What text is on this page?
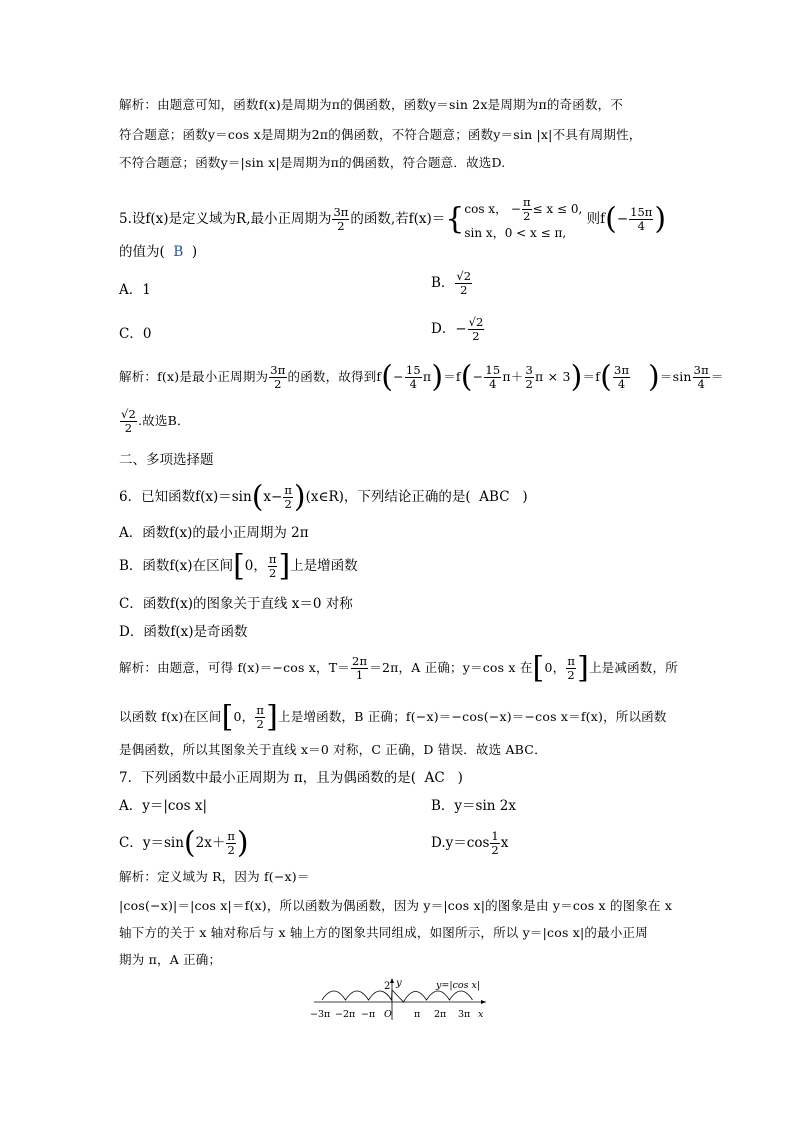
解析：由题意可知，函数f(x)是周期为π的偶函数，函数y＝sin 2x是周期为π的奇函数，不
符合题意；函数y＝cos x是周期为2π的偶函数，不符合题意；函数y＝sin |x|不具有周期性，
不符合题意；函数y＝|sin x|是周期为π的偶函数，符合题意．故选D.
5.设f(x)是定义域为R,最小正周期为 $\frac{3\pi}{2}$ 的函数,若f(x)＝{ cos x， − $\frac{\pi}{2} \le x \le 0$,
sin x，0 < x ≤ π,
则$f(- \frac{15\pi}{4}$ )
的值为( B )
A．1	B． $\frac{√2}{2}$
C．0	D．− $\frac{√2}{2}$
解析：f(x)是最小正周期为 $\frac{3\pi}{2}$ 的函数，故得到$f(- \frac{15}{4} \pi)=f(- \frac{15}{4} \pi+ \frac{3}{2}$ $\pi \times 3)=f( \frac{3\pi}{4} )=\sin \frac{3\pi}{4}$ ＝
$\frac{√2}{2}$ .故选B．
二、多项选择题
6．已知函数$f(x)=\sin(x- \frac{\pi}{2}$ )(x∈R)，下列结论正确的是( ABC )
A．函数f(x)的最小正周期为 2π
B．函数f(x)在区间[0， $\frac{\pi}{2}$ ]上是增函数
C．函数f(x)的图象关于直线 x＝0 对称
D．函数f(x)是奇函数
解析：由题意，可得 f(x)＝−cos x，$T= \frac{2\pi}{1} =2\pi$，A 正确；y＝cos x 在[0， $\frac{\pi}{2}$ ]上是减函数，所
以函数 f(x)在区间[0， $\frac{\pi}{2}$ ]上是增函数，B 正确；f(−x)＝−cos(−x)＝−cos x＝f(x)，所以函数
是偶函数，所以其图象关于直线 x＝0 对称，C 正确，D 错误．故选 ABC．
7．下列函数中最小正周期为 π，且为偶函数的是( AC )
A．y＝|cos x|	B．y＝sin 2x
C．$y=\sin(2x+ \frac{\pi}{2}$ )	$D.y=\cos \frac{1}{2}$ x
解析：定义域为 R，因为 f(−x)＝
|cos(−x)|＝|cos x|＝f(x)，所以函数为偶函数，因为 y＝|cos x|的图象是由 y＝cos x 的图象在 x
轴下方的关于 x 轴对称后与 x 轴上方的图象共同组成，如图所示，所以 y＝|cos x|的最小正周
期为 π，A 正确；
2 y	y=|cos x|
−3π −2π −π O π 2π 3π x
